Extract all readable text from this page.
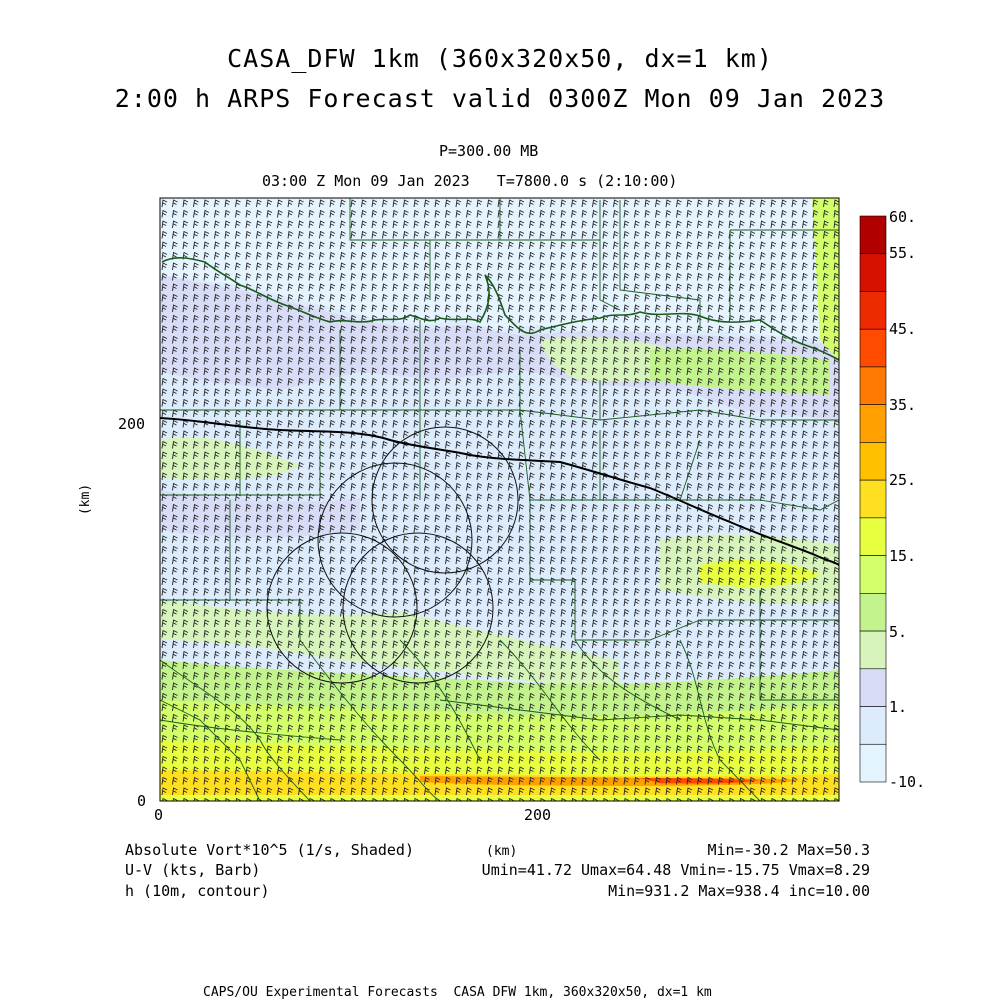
CASA_DFW 1km (360x320x50, dx=1 km)
2:00 h ARPS Forecast valid 0300Z Mon 09 Jan 2023
P=300.00 MB
03:00 Z Mon 09 Jan 2023   T=7800.0 s (2:10:00)
60.
55.
45.
35.
25.
15.
5.
1.
-10.
0	200
0
200
(km)
(km)
Absolute Vort*10^5 (1/s, Shaded)
U-V (kts, Barb)
h (10m, contour)
Min=-30.2 Max=50.3
Umin=41.72 Umax=64.48 Vmin=-15.75 Vmax=8.29
Min=931.2 Max=938.4 inc=10.00
CAPS/OU Experimental Forecasts  CASA DFW 1km, 360x320x50, dx=1 km
